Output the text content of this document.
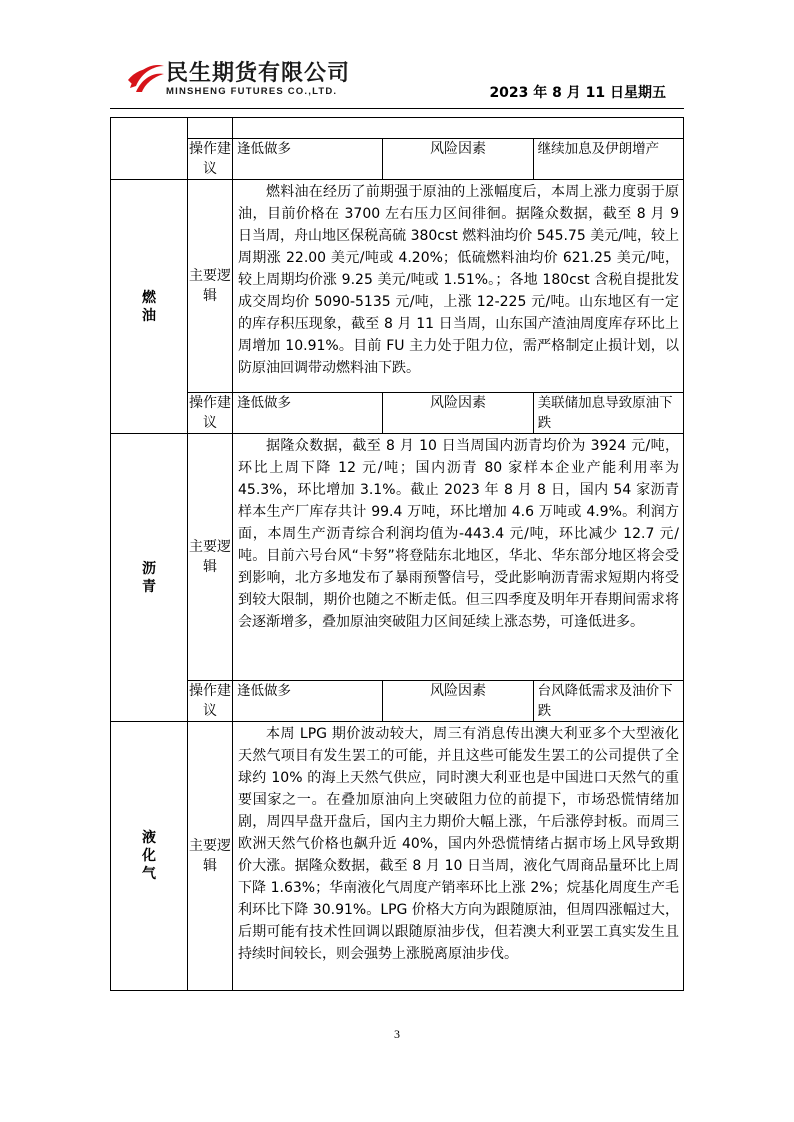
民生期货有限公司
MINSHENG FUTURES CO.,LTD.	2023 年 8 月 11 日星期五

	操作建议	逢低做多	风险因素	继续加息及伊朗增产
燃油	主要逻辑	燃料油在经历了前期强于原油的上涨幅度后，本周上涨力度弱于原油，目前价格在 3700 左右压力区间徘徊。据隆众数据，截至 8 月 9 日当周，舟山地区保税高硫 380cst 燃料油均价 545.75 美元/吨，较上周期涨 22.00 美元/吨或 4.20%；低硫燃料油均价 621.25 美元/吨，较上周期均价涨 9.25 美元/吨或 1.51%。；各地 180cst 含税自提批发成交周均价 5090-5135 元/吨，上涨 12-225 元/吨。山东地区有一定的库存积压现象，截至 8 月 11 日当周，山东国产渣油周度库存环比上周增加 10.91%。目前 FU 主力处于阻力位，需严格制定止损计划，以防原油回调带动燃料油下跌。		

	操作建议	逢低做多	风险因素	美联储加息导致原油下跌
沥青	主要逻辑	据隆众数据，截至 8 月 10 日当周国内沥青均价为 3924 元/吨，环比上周下降 12 元/吨；国内沥青 80 家样本企业产能利用率为 45.3%，环比增加 3.1%。截止 2023 年 8 月 8 日，国内 54 家沥青样本生产厂库存共计 99.4 万吨，环比增加 4.6 万吨或 4.9%。利润方面，本周生产沥青综合利润均值为-443.4 元/吨，环比减少 12.7 元/吨。目前六号台风“卡努”将登陆东北地区，华北、华东部分地区将会受到影响，北方多地发布了暴雨预警信号，受此影响沥青需求短期内将受到较大限制，期价也随之不断走低。但三四季度及明年开春期间需求将会逐渐增多，叠加原油突破阻力区间延续上涨态势，可逢低进多。		

	操作建议	逢低做多	风险因素	台风降低需求及油价下跌
液化气	主要逻辑	本周 LPG 期价波动较大，周三有消息传出澳大利亚多个大型液化天然气项目有发生罢工的可能，并且这些可能发生罢工的公司提供了全球约 10% 的海上天然气供应，同时澳大利亚也是中国进口天然气的重要国家之一。在叠加原油向上突破阻力位的前提下，市场恐慌情绪加剧，周四早盘开盘后，国内主力期价大幅上涨，午后涨停封板。而周三欧洲天然气价格也飙升近 40%，国内外恐慌情绪占据市场上风导致期价大涨。据隆众数据，截至 8 月 10 日当周，液化气周商品量环比上周下降 1.63%；华南液化气周度产销率环比上涨 2%；烷基化周度生产毛利环比下降 30.91%。LPG 价格大方向为跟随原油，但周四涨幅过大，后期可能有技术性回调以跟随原油步伐，但若澳大利亚罢工真实发生且持续时间较长，则会强势上涨脱离原油步伐。		

3
